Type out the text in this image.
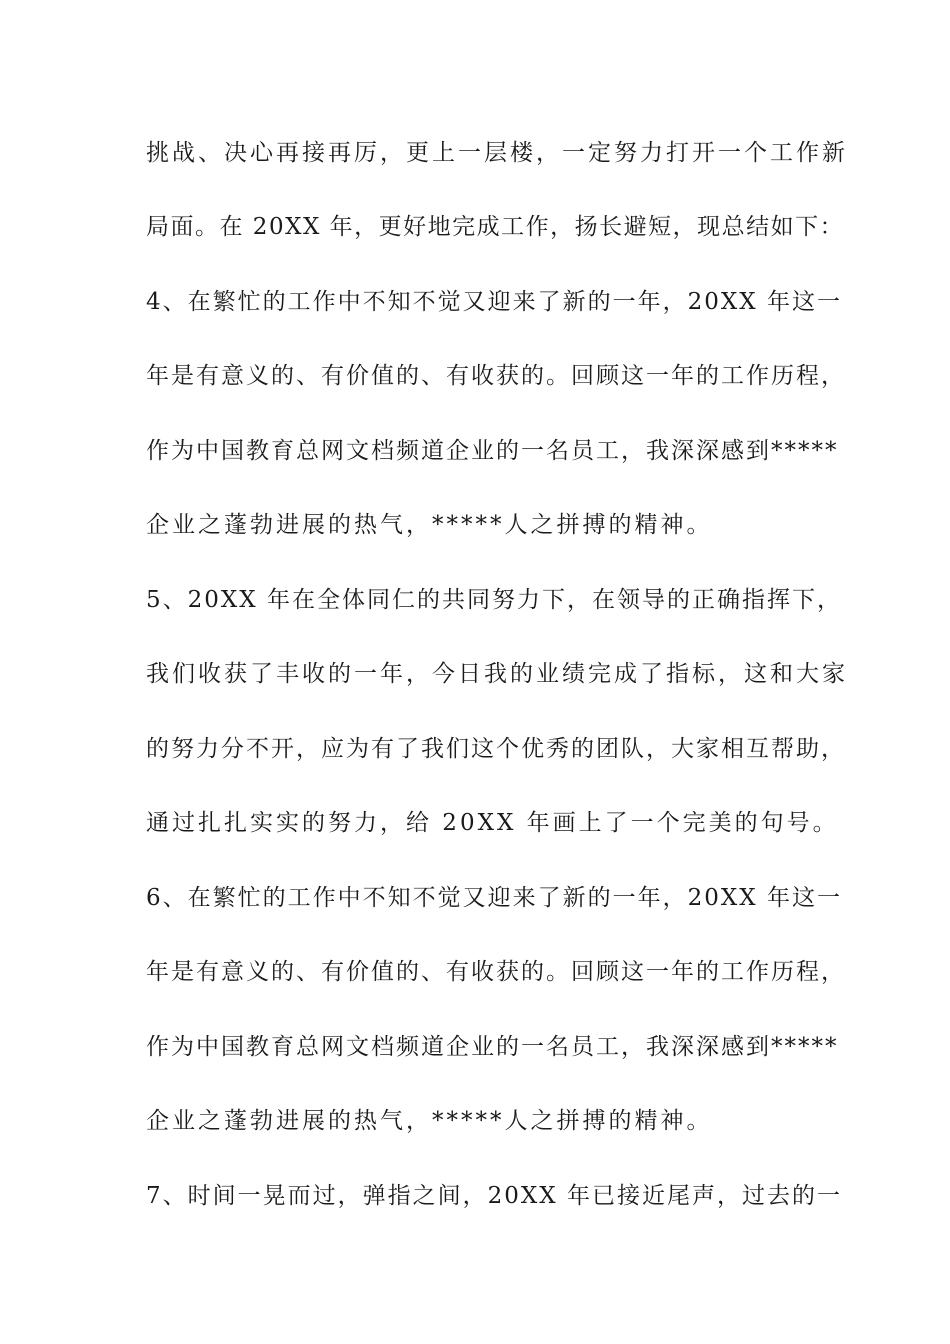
挑战、决心再接再厉，更上一层楼，一定努力打开一个工作新
局面。在 20XX 年，更好地完成工作，扬长避短，现总结如下：
4、在繁忙的工作中不知不觉又迎来了新的一年，20XX 年这一
年是有意义的、有价值的、有收获的。回顾这一年的工作历程，
作为中国教育总网文档频道企业的一名员工，我深深感到*****
企业之蓬勃进展的热气，*****人之拼搏的精神。
5、20XX 年在全体同仁的共同努力下，在领导的正确指挥下，
我们收获了丰收的一年，今日我的业绩完成了指标，这和大家
的努力分不开，应为有了我们这个优秀的团队，大家相互帮助，
通过扎扎实实的努力，给 20XX 年画上了一个完美的句号。
6、在繁忙的工作中不知不觉又迎来了新的一年，20XX 年这一
年是有意义的、有价值的、有收获的。回顾这一年的工作历程，
作为中国教育总网文档频道企业的一名员工，我深深感到*****
企业之蓬勃进展的热气，*****人之拼搏的精神。
7、时间一晃而过，弹指之间，20XX 年已接近尾声，过去的一
